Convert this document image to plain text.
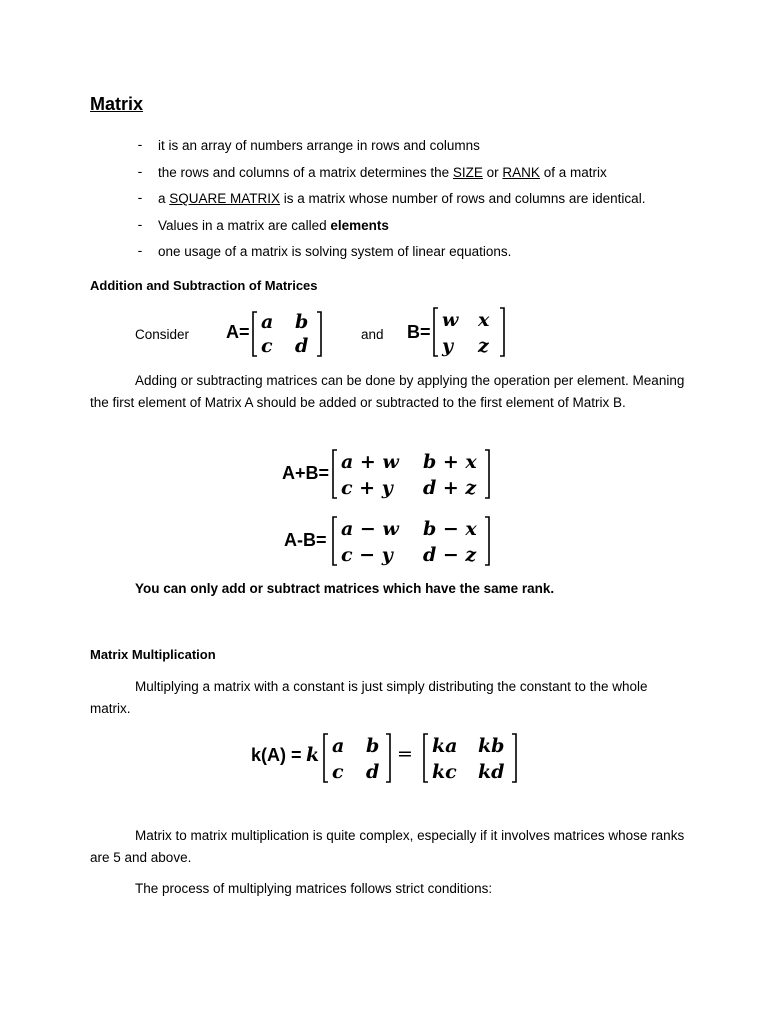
Matrix
- it is an array of numbers arrange in rows and columns
- the rows and columns of a matrix determines the SIZE or RANK of a matrix
- a SQUARE MATRIX is a matrix whose number of rows and columns are identical.
- Values in a matrix are called elements
- one usage of a matrix is solving system of linear equations.
Addition and Subtraction of Matrices
Consider A= a b
c d
and B=
w x
y z
Adding or subtracting matrices can be done by applying the operation per element. Meaning the first element of Matrix A should be added or subtracted to the first element of Matrix B.
A+B= a + w b + x
c + y d + z
A-B= a − w b − x
c − y d − z
You can only add or subtract matrices which have the same rank.
Matrix Multiplication
Multiplying a matrix with a constant is just simply distributing the constant to the whole matrix.
k(A) = k a b
c d
= ka kb
kc kd
Matrix to matrix multiplication is quite complex, especially if it involves matrices whose ranks are 5 and above.
The process of multiplying matrices follows strict conditions:
